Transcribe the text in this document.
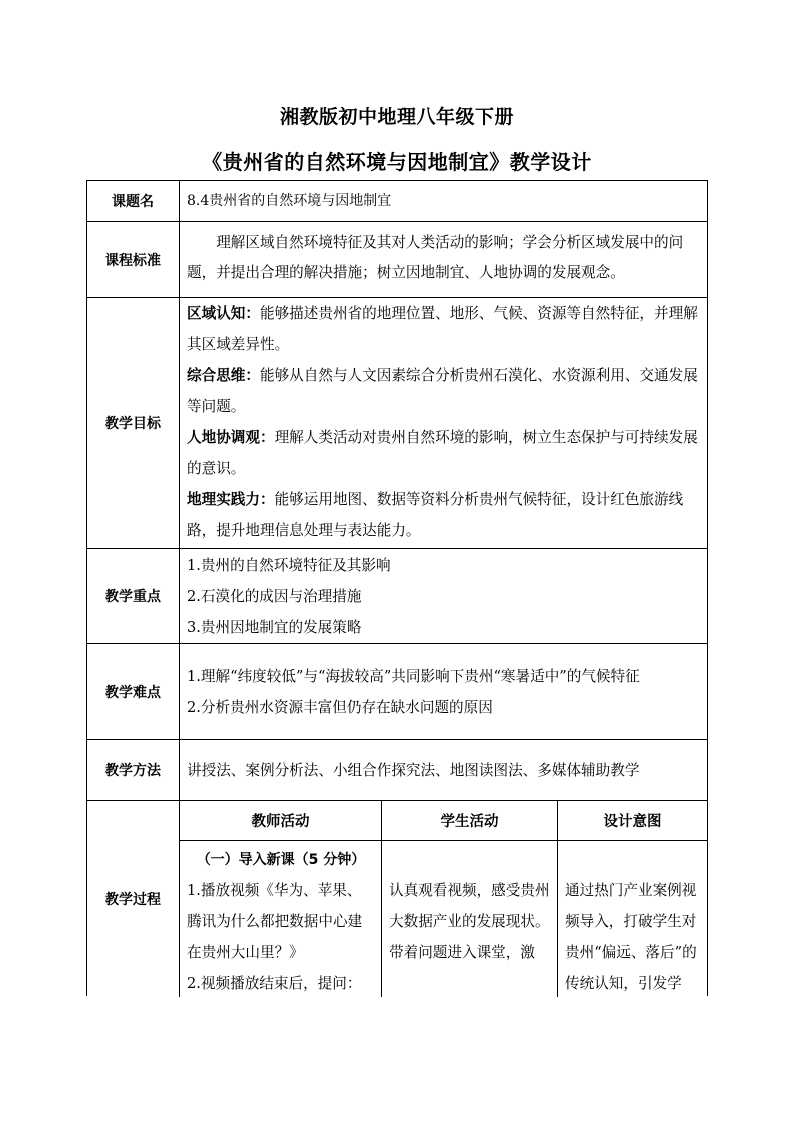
湘教版初中地理八年级下册
《贵州省的自然环境与因地制宜》教学设计
课题名	8.4贵州省的自然环境与因地制宜

课程标准

理解区域自然环境特征及其对人类活动的影响；学会分析区域发展中的问题，并提出合理的解决措施；树立因地制宜、人地协调的发展观念。

教学目标

区域认知：能够描述贵州省的地理位置、地形、气候、资源等自然特征，并理解其区域差异性。

综合思维：能够从自然与人文因素综合分析贵州石漠化、水资源利用、交通发展等问题。

人地协调观：理解人类活动对贵州自然环境的影响，树立生态保护与可持续发展的意识。

地理实践力：能够运用地图、数据等资料分析贵州气候特征，设计红色旅游线路，提升地理信息处理与表达能力。

教学重点

1.贵州的自然环境特征及其影响

2.石漠化的成因与治理措施

3.贵州因地制宜的发展策略

教学难点

1.理解“纬度较低”与“海拔较高”共同影响下贵州“寒暑适中”的气候特征

2.分析贵州水资源丰富但仍存在缺水问题的原因

教学方法	讲授法、案例分析法、小组合作探究法、地图读图法、多媒体辅助教学

教学过程
教师活动

（一）导入新课（5 分钟）

1.播放视频《华为、苹果、腾讯为什么都把数据中心建在贵州大山里？》

2.视频播放结束后，提问：

学生活动

认真观看视频，感受贵州大数据产业的发展现状。

带着问题进入课堂，激

设计意图

通过热门产业案例视频导入，打破学生对贵州“偏远、落后”的传统认知，引发学
